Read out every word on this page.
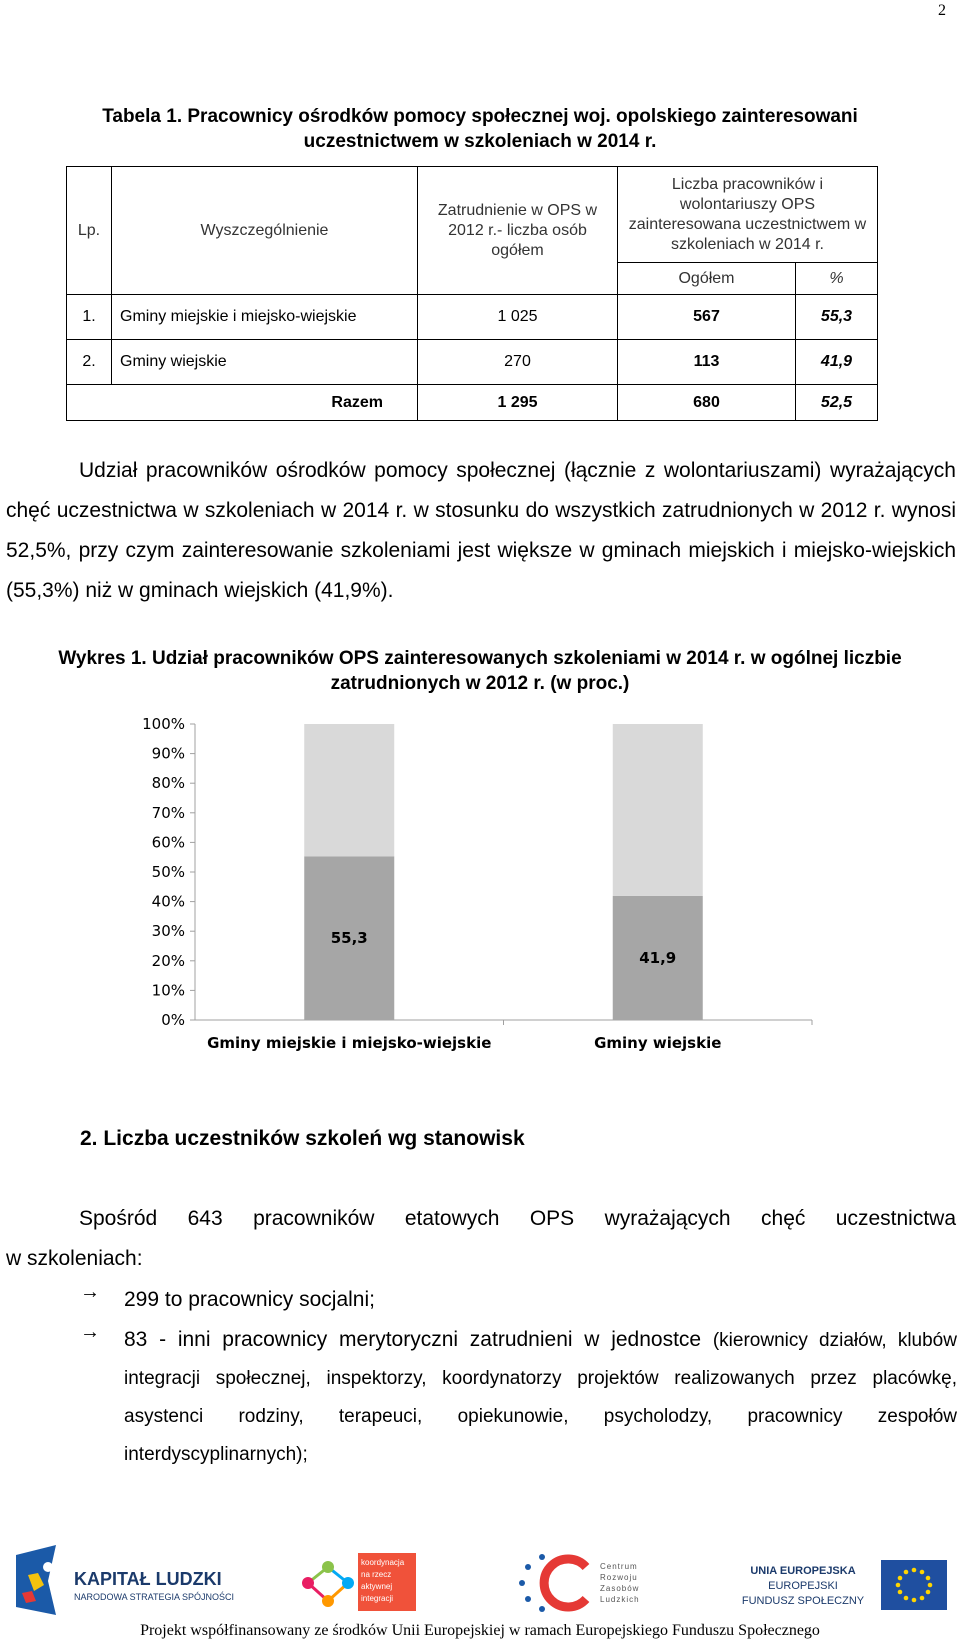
2
Tabela 1. Pracownicy ośrodków pomocy społecznej woj. opolskiego zainteresowani
uczestnictwem w szkoleniach w 2014 r.
Lp.	Wyszczególnienie	Zatrudnienie w OPS w 2012 r.- liczba osób ogółem	Liczba pracowników i wolontariuszy OPS zainteresowana uczestnictwem w szkoleniach w 2014 r.	
			Ogółem	%
1.	Gminy miejskie i miejsko-wiejskie	1 025	567	55,3
2.	Gminy wiejskie	270	113	41,9
Razem		1 295	680	52,5
Udział pracowników ośrodków pomocy społecznej (łącznie z wolontariuszami) wyrażających chęć uczestnictwa w szkoleniach w 2014 r. w stosunku do wszystkich zatrudnionych w 2012 r. wynosi 52,5%, przy czym zainteresowanie szkoleniami jest większe w gminach miejskich i miejsko-wiejskich (55,3%) niż w gminach wiejskich (41,9%).
Wykres 1. Udział pracowników OPS zainteresowanych szkoleniami w 2014 r. w ogólnej liczbie
zatrudnionych w 2012 r. (w proc.)
0%
10%
20%
30%
40%
50%
60%
70%
80%
90%
100%
55,3
Gminy miejskie i miejsko-wiejskie
41,9
Gminy wiejskie
2. Liczba uczestników szkoleń wg stanowisk
Spośród 643 pracowników etatowych OPS wyrażających chęć uczestnictwa
w szkoleniach:
→ 299 to pracownicy socjalni;
→ 83 - inni pracownicy merytoryczni zatrudnieni w jednostce (kierownicy działów, klubów integracji społecznej, inspektorzy, koordynatorzy projektów realizowanych przez placówkę, asystenci rodziny, terapeuci, opiekunowie, psycholodzy, pracownicy zespołów interdyscyplinarnych);
KAPITAŁ LUDZKI
NARODOWA STRATEGIA SPÓJNOŚCI
koordynacja
na rzecz
aktywnej
integracji
Centrum
Rozwoju
Zasobów
Ludzkich
UNIA EUROPEJSKA
EUROPEJSKI
FUNDUSZ SPOŁECZNY
Projekt współfinansowany ze środków Unii Europejskiej w ramach Europejskiego Funduszu Społecznego
